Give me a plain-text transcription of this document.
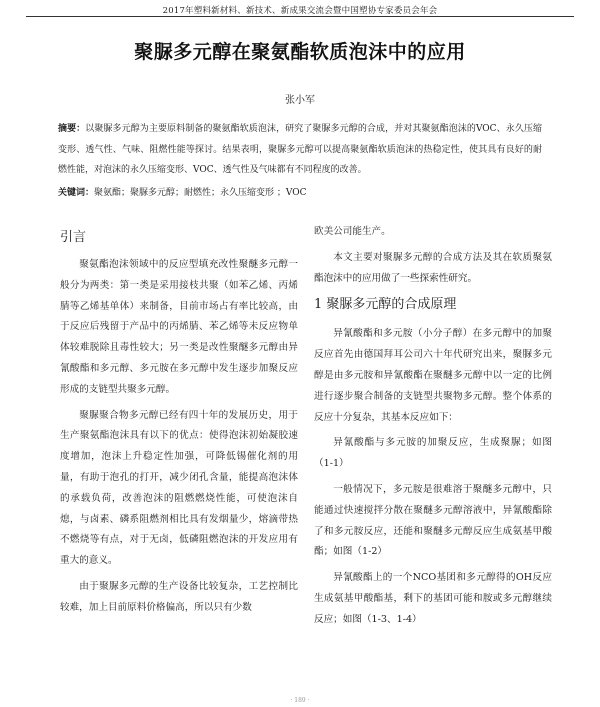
2017年塑料新材料、新技术、新成果交流会暨中国塑协专家委员会年会
聚脲多元醇在聚氨酯软质泡沫中的应用
张小军
摘要：以聚脲多元醇为主要原料制备的聚氨酯软质泡沫，研究了聚脲多元醇的合成，并对其聚氨酯泡沫的VOC、永久压缩变形、透气性、气味、阻燃性能等探讨。结果表明，聚脲多元醇可以提高聚氨酯软质泡沫的热稳定性，使其具有良好的耐燃性能，对泡沫的永久压缩变形、VOC、透气性及气味都有不同程度的改善。
关键词：聚氨酯；聚脲多元醇；耐燃性；永久压缩变形 ；VOC
引言

聚氨酯泡沫领域中的反应型填充改性聚醚多元醇一般分为两类：第一类是采用接枝共聚（如苯乙烯、丙烯腈等乙烯基单体）来制备，目前市场占有率比较高，由于反应后残留于产品中的丙烯腈、苯乙烯等未反应物单体较难脱除且毒性较大；另一类是改性聚醚多元醇由异氰酸酯和多元醇、多元胺在多元醇中发生逐步加聚反应形成的支链型共聚多元醇。

聚脲聚合物多元醇已经有四十年的发展历史，用于生产聚氨酯泡沫具有以下的优点：使得泡沫初始凝胶速度增加，泡沫上升稳定性加强，可降低锡催化剂的用量，有助于泡孔的打开，减少闭孔含量，能提高泡沫体的承载负荷，改善泡沫的阻燃燃烧性能，可使泡沫自熄，与卤素、磷系阻燃剂相比具有发烟量少，熔滴带热不燃烧等有点，对于无卤，低磷阻燃泡沫的开发应用有重大的意义。

由于聚脲多元醇的生产设备比较复杂，工艺控制比较难，加上目前原料价格偏高，所以只有少数

欧美公司能生产。

本文主要对聚脲多元醇的合成方法及其在软质聚氨酯泡沫中的应用做了一些探索性研究。

1 聚脲多元醇的合成原理

异氰酸酯和多元胺（小分子醇）在多元醇中的加聚反应首先由德国拜耳公司六十年代研究出来，聚脲多元醇是由多元胺和异氰酸酯在聚醚多元醇中以一定的比例进行逐步聚合制备的支链型共聚物多元醇。整个体系的反应十分复杂，其基本反应如下：

异氰酸酯与多元胺的加聚反应，生成聚脲；如图（1-1）

一般情况下，多元胺是很难溶于聚醚多元醇中，只能通过快速搅拌分散在聚醚多元醇溶液中，异氰酸酯除了和多元胺反应，还能和聚醚多元醇反应生成氨基甲酸酯；如图（1-2）

异氰酸酯上的一个NCO基团和多元醇得的OH反应生成氨基甲酸酯基，剩下的基团可能和胺或多元醇继续反应；如图（1-3、1-4）

· 189 ·
